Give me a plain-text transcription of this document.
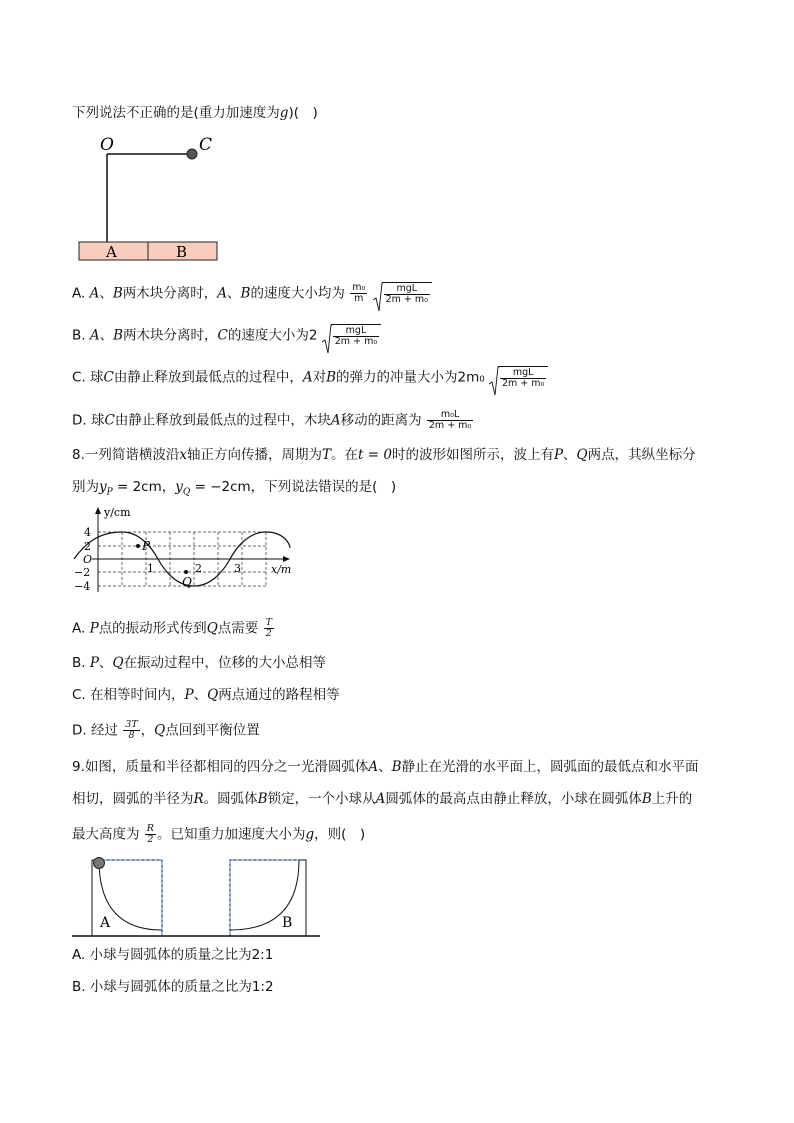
下列说法不正确的是(重力加速度为g)(　)
O	C
A	B
A. A、B两木块分离时，A、B的速度大小均为 $\frac{\text{m₀}}{m}$
$\frac{\text{mgL}}{\text{2m + m₀}}$
B. A、B两木块分离时，C的速度大小为$2 \frac{\text{mgL}}{\text{2m + m₀}}$
C. 球C由静止释放到最低点的过程中，A对B的弹力的冲量大小为$2m_0 \frac{\text{mgL}}{\text{2m + m₀}}$
D. 球C由静止释放到最低点的过程中，木块A移动的距离为 $\frac{\text{m₀L}}{\text{2m + m₀}}$
8.一列简谐横波沿x轴正方向传播，周期为T。在t = 0时的波形如图所示，波上有P、Q两点，其纵坐标分
别为$y_P = 2cm$，$y_Q = -2cm$，下列说法错误的是(　)
P
Q
y/cm
x/m
4
2
O
−2
−4
1	2	3
A. P点的振动形式传到Q点需要 $\frac{T}{2}$
B. P、Q在振动过程中，位移的大小总相等
C. 在相等时间内，P、Q两点通过的路程相等
D. 经过 $\frac{3T}{8}$ ，Q点回到平衡位置
9.如图，质量和半径都相同的四分之一光滑圆弧体A、B静止在光滑的水平面上，圆弧面的最低点和水平面
相切，圆弧的半径为R。圆弧体B锁定，一个小球从A圆弧体的最高点由静止释放，小球在圆弧体B上升的
最大高度为 $\frac{R}{2}$ 。已知重力加速度大小为g，则(　)
A	B
A. 小球与圆弧体的质量之比为2:1
B. 小球与圆弧体的质量之比为1:2
